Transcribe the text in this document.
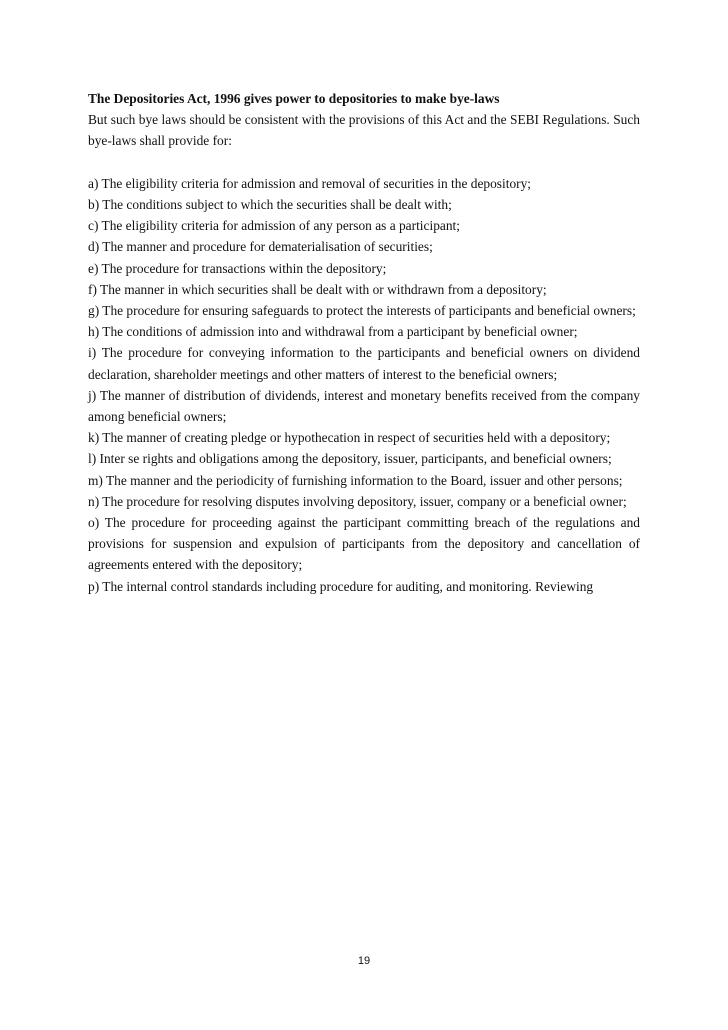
The Depositories Act, 1996 gives power to depositories to make bye-laws

But such bye laws should be consistent with the provisions of this Act and the SEBI Regulations. Such bye-laws shall provide for:

a) The eligibility criteria for admission and removal of securities in the depository;
b) The conditions subject to which the securities shall be dealt with;
c) The eligibility criteria for admission of any person as a participant;
d) The manner and procedure for dematerialisation of securities;
e) The procedure for transactions within the depository;
f) The manner in which securities shall be dealt with or withdrawn from a depository;
g) The procedure for ensuring safeguards to protect the interests of participants and beneficial owners;
h) The conditions of admission into and withdrawal from a participant by beneficial owner;
i) The procedure for conveying information to the participants and beneficial owners on dividend declaration, shareholder meetings and other matters of interest to the beneficial owners;
j) The manner of distribution of dividends, interest and monetary benefits received from the company among beneficial owners;
k) The manner of creating pledge or hypothecation in respect of securities held with a depository;
l) Inter se rights and obligations among the depository, issuer, participants, and beneficial owners;
m) The manner and the periodicity of furnishing information to the Board, issuer and other persons;
n) The procedure for resolving disputes involving depository, issuer, company or a beneficial owner;
o) The procedure for proceeding against the participant committing breach of the regulations and provisions for suspension and expulsion of participants from the depository and cancellation of agreements entered with the depository;
p) The internal control standards including procedure for auditing, and monitoring. Reviewing
19
